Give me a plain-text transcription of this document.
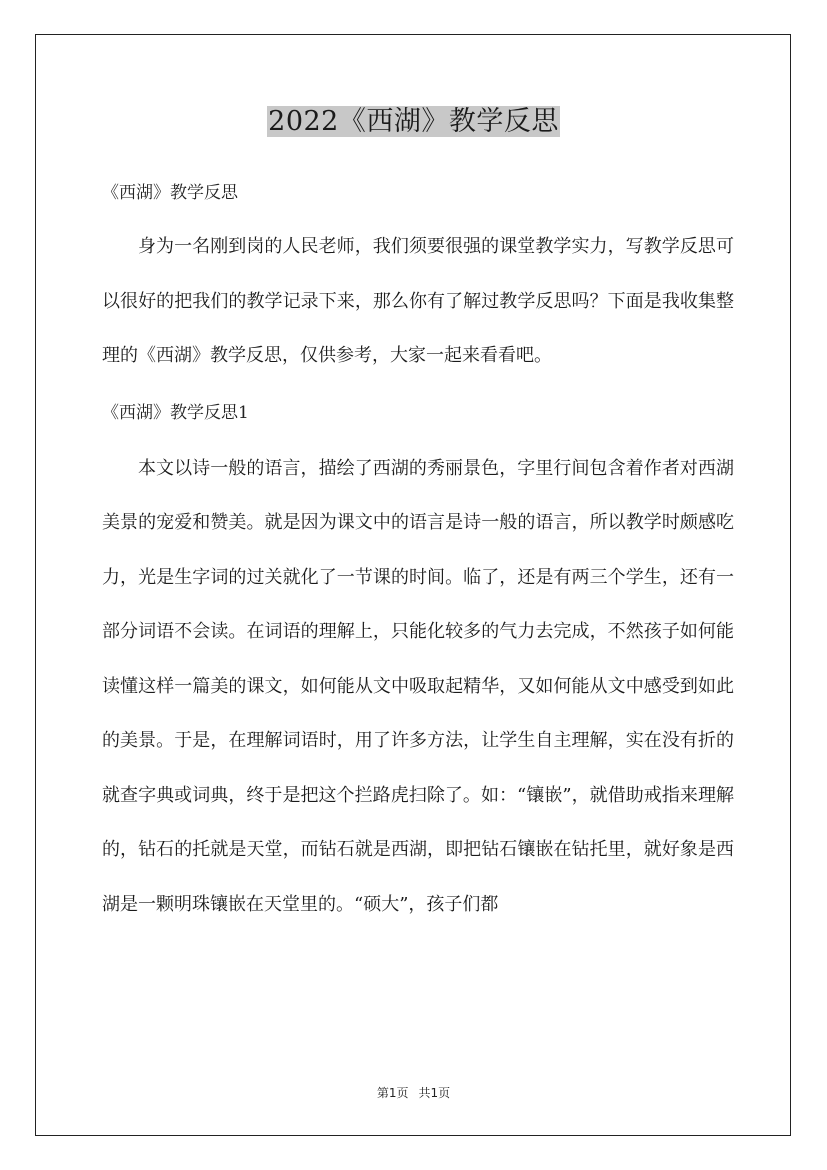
2022《西湖》教学反思

《西湖》教学反思

身为一名刚到岗的人民老师，我们须要很强的课堂教学实力，写教学反思可以很好的把我们的教学记录下来，那么你有了解过教学反思吗？下面是我收集整理的《西湖》教学反思，仅供参考，大家一起来看看吧。

《西湖》教学反思1

本文以诗一般的语言，描绘了西湖的秀丽景色，字里行间包含着作者对西湖美景的宠爱和赞美。就是因为课文中的语言是诗一般的语言，所以教学时颇感吃力，光是生字词的过关就化了一节课的时间。临了，还是有两三个学生，还有一部分词语不会读。在词语的理解上，只能化较多的气力去完成，不然孩子如何能读懂这样一篇美的课文，如何能从文中吸取起精华，又如何能从文中感受到如此的美景。于是，在理解词语时，用了许多方法，让学生自主理解，实在没有折的就查字典或词典，终于是把这个拦路虎扫除了。如：“镶嵌”，就借助戒指来理解的，钻石的托就是天堂，而钻石就是西湖，即把钻石镶嵌在钻托里，就好象是西湖是一颗明珠镶嵌在天堂里的。“硕大”，孩子们都

第1页 共1页
